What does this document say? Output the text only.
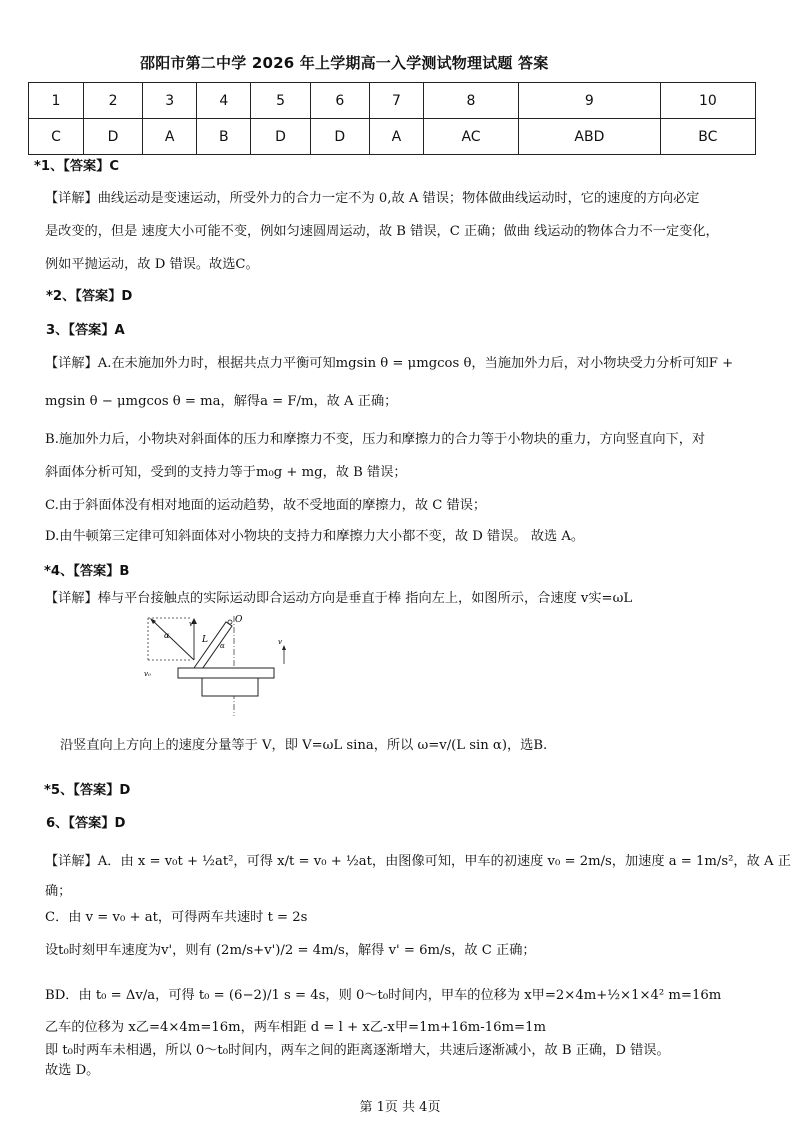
邵阳市第二中学 2026 年上学期高一入学测试物理试题 答案
1	2	3	4	5	6	7	8	9	10
C	D	A	B	D	D	A	AC	ABD	BC
*1、【答案】C
【详解】曲线运动是变速运动，所受外力的合力一定不为 0,故 A 错误；物体做曲线运动时，它的速度的方向必定
是改变的，但是 速度大小可能不变，例如匀速圆周运动，故 B 错误，C 正确；做曲 线运动的物体合力不一定变化，
例如平抛运动，故 D 错误。故选C。
*2、【答案】D
3、【答案】A
【详解】A.在未施加外力时，根据共点力平衡可知mgsin θ = μmgcos θ，当施加外力后，对小物块受力分析可知F +
mgsin θ − μmgcos θ = ma，解得a = F/m，故 A 正确；
B.施加外力后，小物块对斜面体的压力和摩擦力不变，压力和摩擦力的合力等于小物块的重力，方向竖直向下，对
斜面体分析可知，受到的支持力等于m₀g + mg，故 B 错误；
C.由于斜面体没有相对地面的运动趋势，故不受地面的摩擦力，故 C 错误；
D.由牛顿第三定律可知斜面体对小物块的支持力和摩擦力大小都不变，故 D 错误。 故选 A。
*4、【答案】B
【详解】棒与平台接触点的实际运动即合运动方向是垂直于棒 指向左上，如图所示，合速度 v实=ωL
α
v
L
α
O
v
v₀
沿竖直向上方向上的速度分量等于 V，即 V=ωL sina，所以 ω=v/(L sin α)，选B.
*5、【答案】D
6、【答案】D
【详解】A．由 x = v₀t + ½at²，可得 x/t = v₀ + ½at，由图像可知，甲车的初速度 v₀ = 2m/s，加速度 a = 1m/s²，故 A 正
确；
C．由 v = v₀ + at，可得两车共速时 t = 2s
设t₀时刻甲车速度为v'，则有 (2m/s+v')/2 = 4m/s，解得 v' = 6m/s，故 C 正确；
BD．由 t₀ = Δv/a，可得 t₀ = (6−2)/1 s = 4s，则 0～t₀时间内，甲车的位移为 x甲=2×4m+½×1×4² m=16m
乙车的位移为 x乙=4×4m=16m，两车相距 d = l + x乙-x甲=1m+16m-16m=1m
即 t₀时两车未相遇，所以 0～t₀时间内，两车之间的距离逐渐增大，共速后逐渐减小，故 B 正确，D 错误。
故选 D。
第 1页 共 4页
